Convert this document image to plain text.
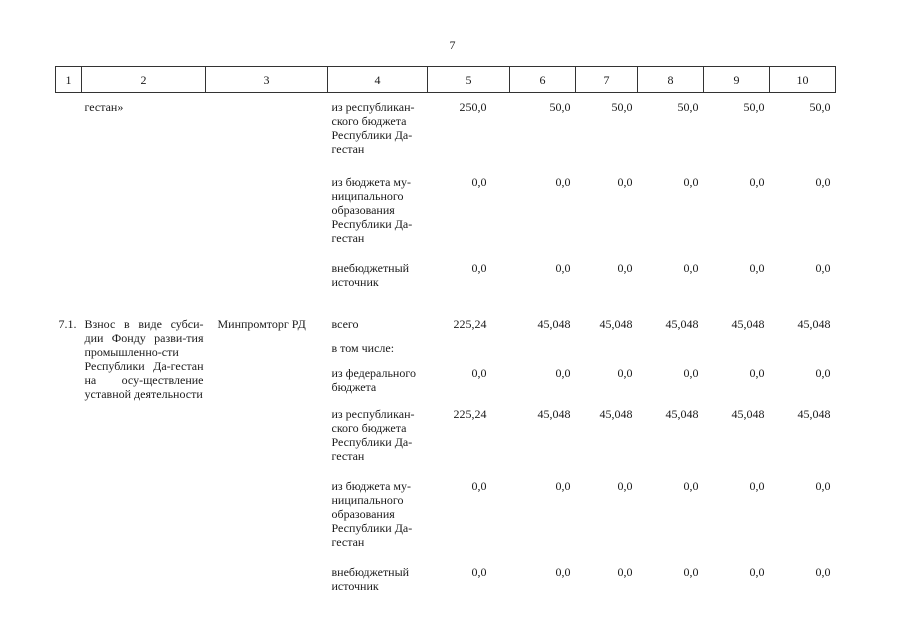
7
1	2	3	4	5	6	7	8	9	10
	гестан»		из республикан-ского бюджета Республики Да-гестан	250,0	50,0	50,0	50,0	50,0	50,0
			из бюджета му-ниципального образования Республики Да-гестан	0,0	0,0	0,0	0,0	0,0	0,0
			внебюджетный источник	0,0	0,0	0,0	0,0	0,0	0,0
7.1.	Взнос в виде субси-дии Фонду разви-тия промышленно-сти Республики Да-гестан на осу-ществление уставной деятельности	Минпромторг РД	всего	225,24	45,048	45,048	45,048	45,048	45,048
			в том числе:						
			из федерального бюджета	0,0	0,0	0,0	0,0	0,0	0,0
			из республикан-ского бюджета Республики Да-гестан	225,24	45,048	45,048	45,048	45,048	45,048
			из бюджета му-ниципального образования Республики Да-гестан	0,0	0,0	0,0	0,0	0,0	0,0
			внебюджетный источник	0,0	0,0	0,0	0,0	0,0	0,0
